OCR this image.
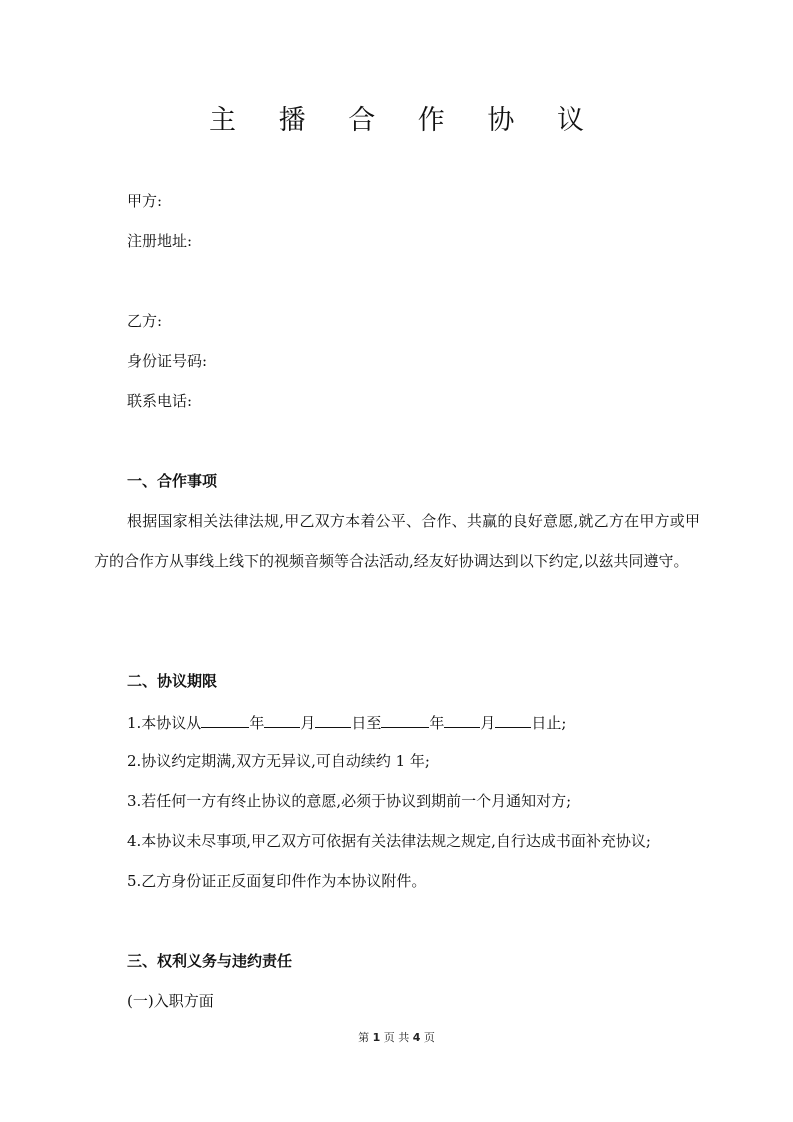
主 播 合 作 协 议
甲方:
注册地址:
乙方:
身份证号码:
联系电话:
一、合作事项
根据国家相关法律法规,甲乙双方本着公平、合作、共赢的良好意愿,就乙方在甲方或甲方的合作方从事线上线下的视频音频等合法活动,经友好协调达到以下约定,以兹共同遵守。
二、协议期限
1.本协议从	年 月 日至	年 月 日止;
2.协议约定期满,双方无异议,可自动续约 1 年;
3.若任何一方有终止协议的意愿,必须于协议到期前一个月通知对方;
4.本协议未尽事项,甲乙双方可依据有关法律法规之规定,自行达成书面补充协议;
5.乙方身份证正反面复印件作为本协议附件。
三、权利义务与违约责任
(一)入职方面
第 1 页 共 4 页
